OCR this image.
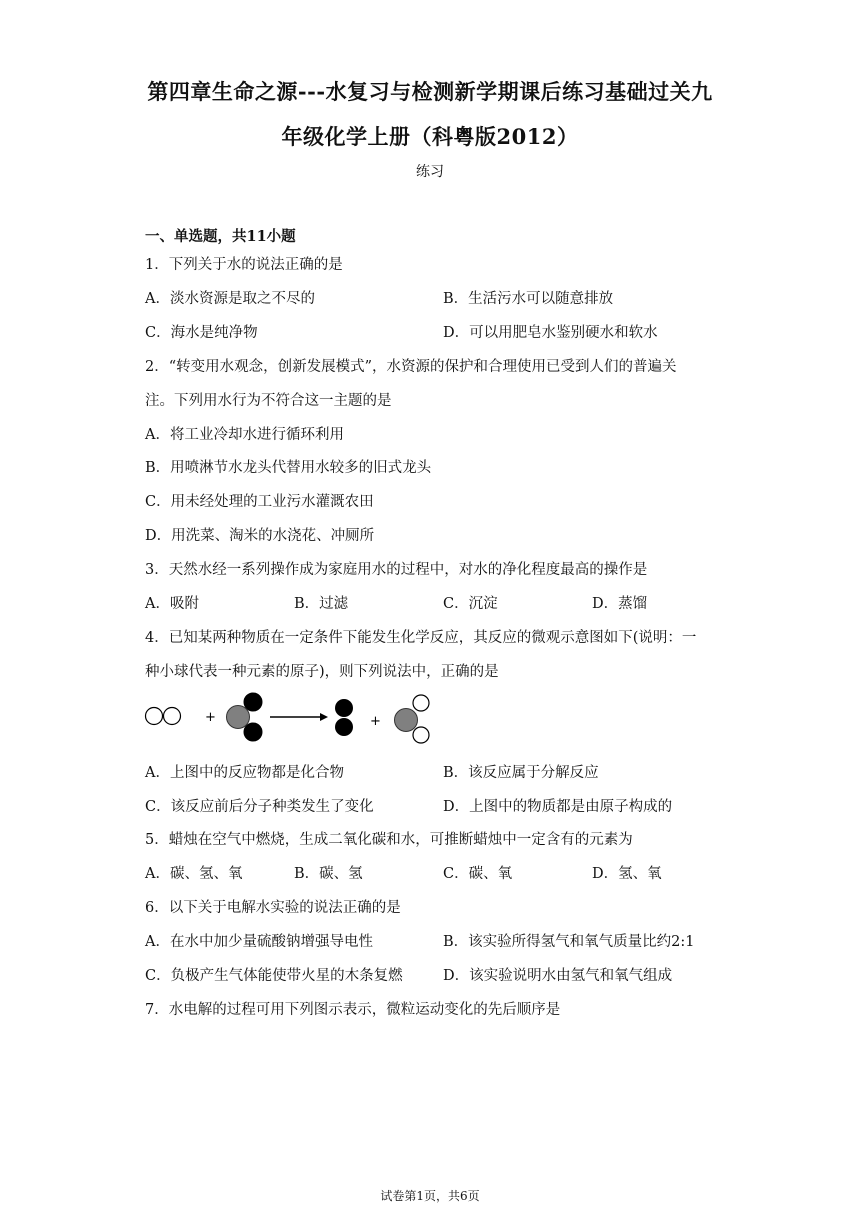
第四章生命之源---水复习与检测新学期课后练习基础过关九
年级化学上册（科粤版2012）
练习
一、单选题，共11小题
1．下列关于水的说法正确的是
A．淡水资源是取之不尽的	B．生活污水可以随意排放
C．海水是纯净物	D．可以用肥皂水鉴别硬水和软水
2．“转变用水观念，创新发展模式”，水资源的保护和合理使用已受到人们的普遍关
注。下列用水行为不符合这一主题的是
A．将工业冷却水进行循环利用
B．用喷淋节水龙头代替用水较多的旧式龙头
C．用未经处理的工业污水灌溉农田
D．用洗菜、淘米的水浇花、冲厕所
3．天然水经一系列操作成为家庭用水的过程中，对水的净化程度最高的操作是
A．吸附	B．过滤	C．沉淀	D．蒸馏
4．已知某两种物质在一定条件下能发生化学反应，其反应的微观示意图如下(说明：一
种小球代表一种元素的原子)，则下列说法中，正确的是
+	+
A．上图中的反应物都是化合物	B．该反应属于分解反应
C．该反应前后分子种类发生了变化	D．上图中的物质都是由原子构成的
5．蜡烛在空气中燃烧，生成二氧化碳和水，可推断蜡烛中一定含有的元素为
A．碳、氢、氧	B．碳、氢	C．碳、氧	D．氢、氧
6．以下关于电解水实验的说法正确的是
A．在水中加少量硫酸钠增强导电性	B．该实验所得氢气和氧气质量比约2:1
C．负极产生气体能使带火星的木条复燃	D．该实验说明水由氢气和氧气组成
7．水电解的过程可用下列图示表示，微粒运动变化的先后顺序是
试卷第1页，共6页
